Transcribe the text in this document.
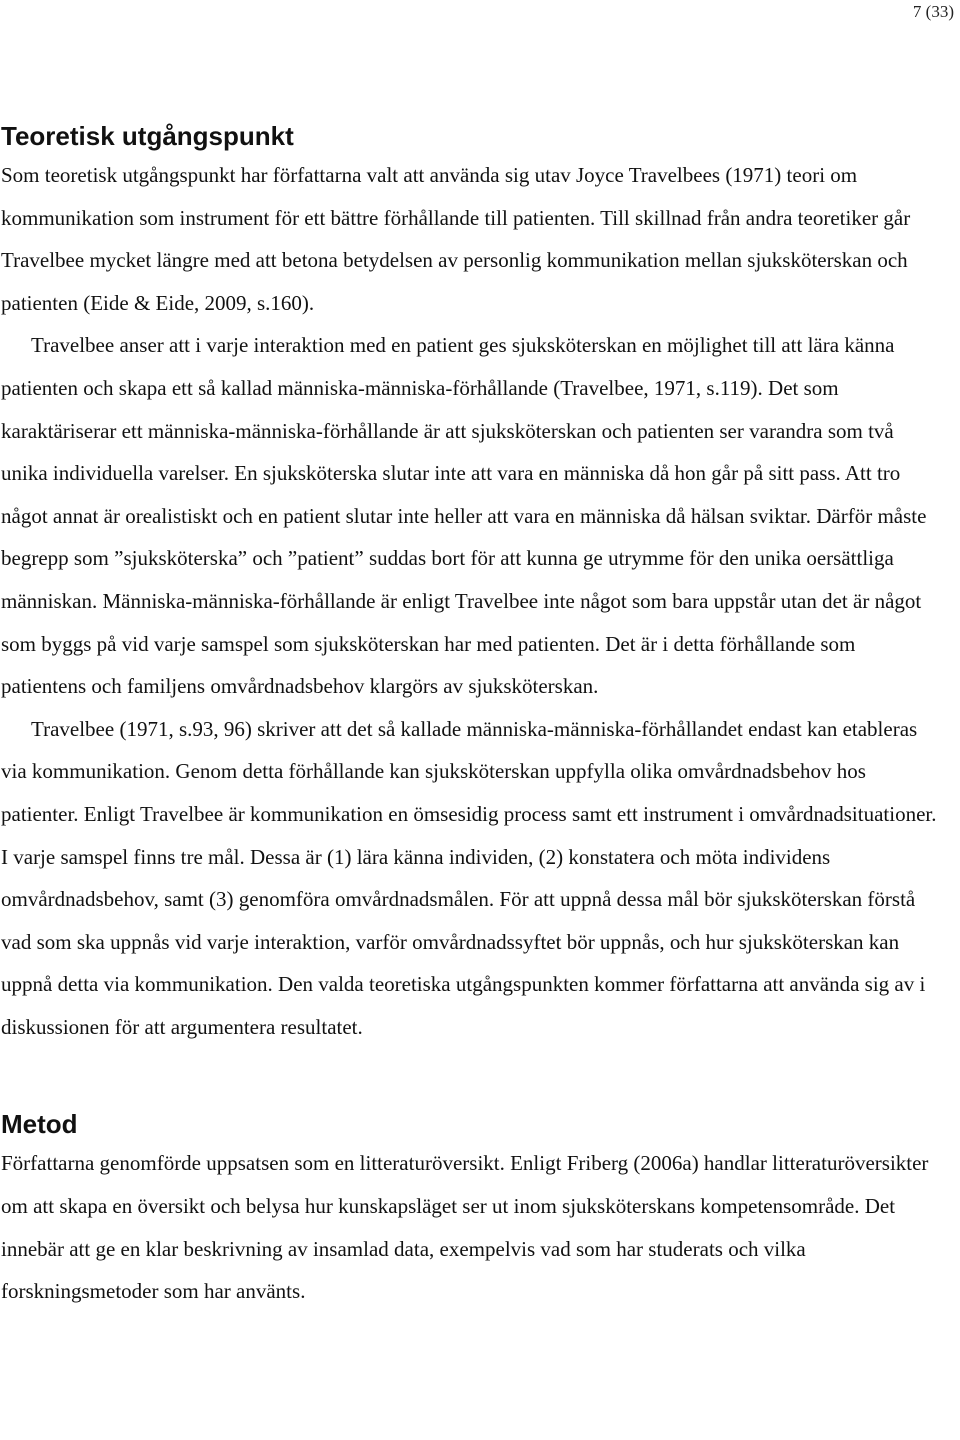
7 (33)
Teoretisk utgångspunkt

Som teoretisk utgångspunkt har författarna valt att använda sig utav Joyce Travelbees (1971) teori om kommunikation som instrument för ett bättre förhållande till patienten. Till skillnad från andra teoretiker går Travelbee mycket längre med att betona betydelsen av personlig kommunikation mellan sjuksköterskan och patienten (Eide & Eide, 2009, s.160).

Travelbee anser att i varje interaktion med en patient ges sjuksköterskan en möjlighet till att lära känna patienten och skapa ett så kallad människa-människa-förhållande (Travelbee, 1971, s.119). Det som karaktäriserar ett människa-människa-förhållande är att sjuksköterskan och patienten ser varandra som två unika individuella varelser. En sjuksköterska slutar inte att vara en människa då hon går på sitt pass. Att tro något annat är orealistiskt och en patient slutar inte heller att vara en människa då hälsan sviktar. Därför måste begrepp som ”sjuksköterska” och ”patient” suddas bort för att kunna ge utrymme för den unika oersättliga människan. Människa-människa-förhållande är enligt Travelbee inte något som bara uppstår utan det är något som byggs på vid varje samspel som sjuksköterskan har med patienten. Det är i detta förhållande som patientens och familjens omvårdnadsbehov klargörs av sjuksköterskan.

Travelbee (1971, s.93, 96) skriver att det så kallade människa-människa-förhållandet endast kan etableras via kommunikation. Genom detta förhållande kan sjuksköterskan uppfylla olika omvårdnadsbehov hos patienter. Enligt Travelbee är kommunikation en ömsesidig process samt ett instrument i omvårdnadsituationer. I varje samspel finns tre mål. Dessa är (1) lära känna individen, (2) konstatera och möta individens omvårdnadsbehov, samt (3) genomföra omvårdnadsmålen. För att uppnå dessa mål bör sjuksköterskan förstå vad som ska uppnås vid varje interaktion, varför omvårdnadssyftet bör uppnås, och hur sjuksköterskan kan uppnå detta via kommunikation. Den valda teoretiska utgångspunkten kommer författarna att använda sig av i diskussionen för att argumentera resultatet.

Metod

Författarna genomförde uppsatsen som en litteraturöversikt. Enligt Friberg (2006a) handlar litteraturöversikter om att skapa en översikt och belysa hur kunskapsläget ser ut inom sjuksköterskans kompetensområde. Det innebär att ge en klar beskrivning av insamlad data, exempelvis vad som har studerats och vilka forskningsmetoder som har använts.
